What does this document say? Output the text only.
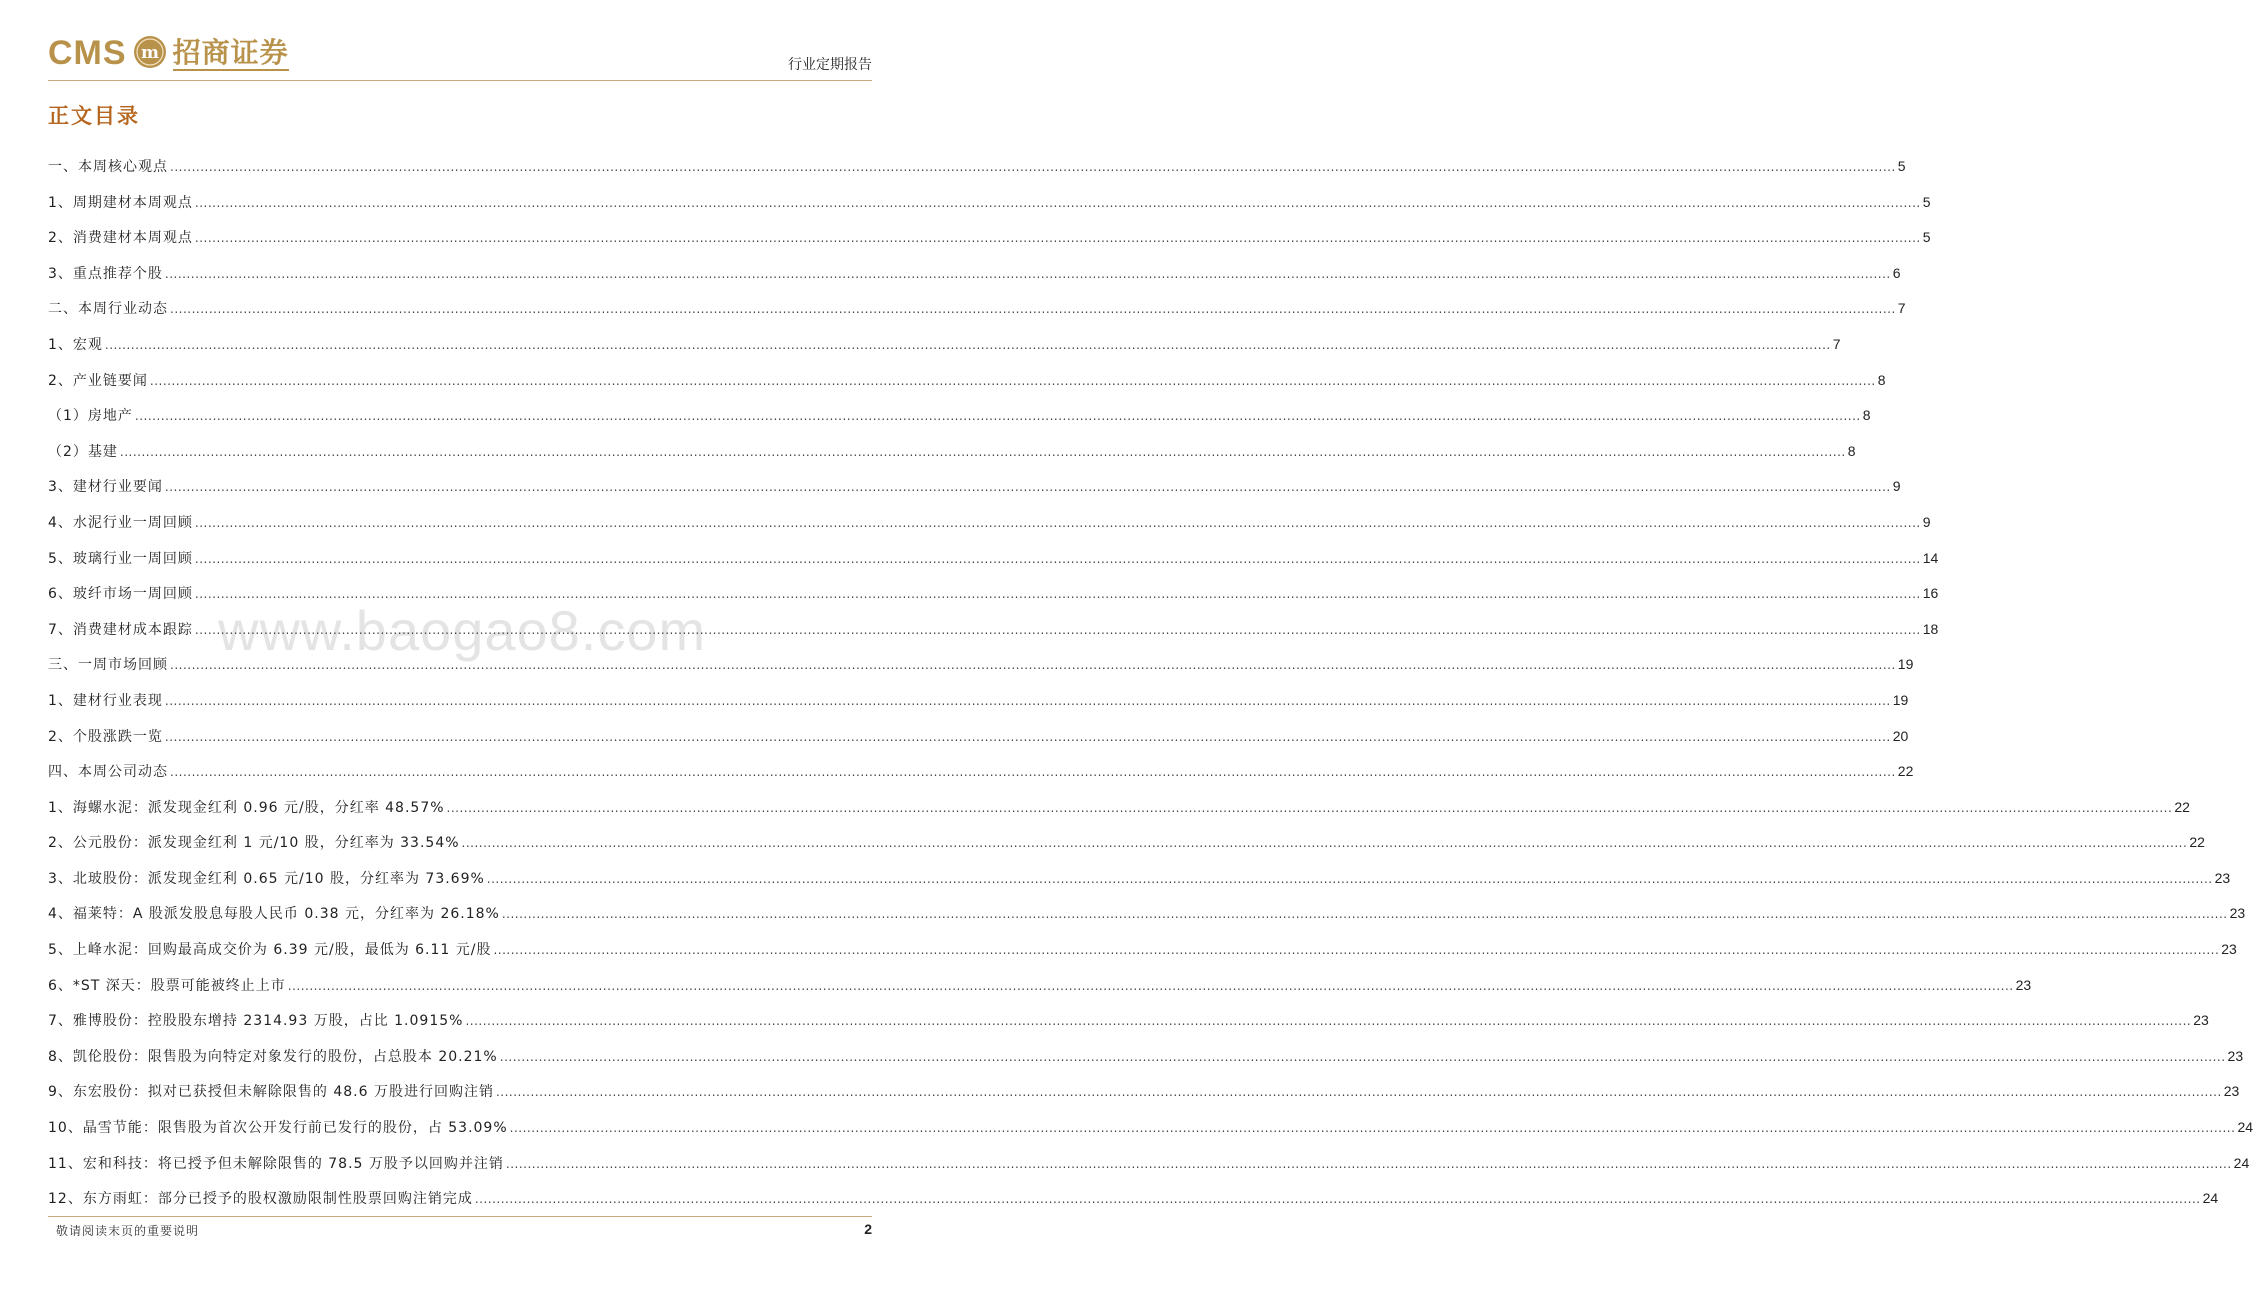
CMS m 招商证券	行业定期报告
正文目录
www.baogao8.com
一、本周核心观点 ................................................................................................................................................................................................................................................................................................................................................................................................................ 5
1、周期建材本周观点 ................................................................................................................................................................................................................................................................................................................................................................................................................ 5
2、消费建材本周观点 ................................................................................................................................................................................................................................................................................................................................................................................................................ 5
3、重点推荐个股 ................................................................................................................................................................................................................................................................................................................................................................................................................ 6
二、本周行业动态 ................................................................................................................................................................................................................................................................................................................................................................................................................ 7
1、宏观 ................................................................................................................................................................................................................................................................................................................................................................................................................ 7
2、产业链要闻 ................................................................................................................................................................................................................................................................................................................................................................................................................ 8
（1）房地产 ................................................................................................................................................................................................................................................................................................................................................................................................................ 8
（2）基建 ................................................................................................................................................................................................................................................................................................................................................................................................................ 8
3、建材行业要闻 ................................................................................................................................................................................................................................................................................................................................................................................................................ 9
4、水泥行业一周回顾 ................................................................................................................................................................................................................................................................................................................................................................................................................ 9
5、玻璃行业一周回顾 ................................................................................................................................................................................................................................................................................................................................................................................................................ 14
6、玻纤市场一周回顾 ................................................................................................................................................................................................................................................................................................................................................................................................................ 16
7、消费建材成本跟踪 ................................................................................................................................................................................................................................................................................................................................................................................................................ 18
三、一周市场回顾 ................................................................................................................................................................................................................................................................................................................................................................................................................ 19
1、建材行业表现 ................................................................................................................................................................................................................................................................................................................................................................................................................ 19
2、个股涨跌一览 ................................................................................................................................................................................................................................................................................................................................................................................................................ 20
四、本周公司动态 ................................................................................................................................................................................................................................................................................................................................................................................................................ 22
1、海螺水泥：派发现金红利 0.96 元/股，分红率 48.57% ................................................................................................................................................................................................................................................................................................................................................................................................................ 22
2、公元股份：派发现金红利 1 元/10 股，分红率为 33.54% ................................................................................................................................................................................................................................................................................................................................................................................................................ 22
3、北玻股份：派发现金红利 0.65 元/10 股，分红率为 73.69% ................................................................................................................................................................................................................................................................................................................................................................................................................ 23
4、福莱特：A 股派发股息每股人民币 0.38 元，分红率为 26.18% ................................................................................................................................................................................................................................................................................................................................................................................................................ 23
5、上峰水泥：回购最高成交价为 6.39 元/股，最低为 6.11 元/股 ................................................................................................................................................................................................................................................................................................................................................................................................................ 23
6、*ST 深天：股票可能被终止上市 ................................................................................................................................................................................................................................................................................................................................................................................................................ 23
7、雅博股份：控股股东增持 2314.93 万股，占比 1.0915% ................................................................................................................................................................................................................................................................................................................................................................................................................ 23
8、凯伦股份：限售股为向特定对象发行的股份，占总股本 20.21% ................................................................................................................................................................................................................................................................................................................................................................................................................ 23
9、东宏股份：拟对已获授但未解除限售的 48.6 万股进行回购注销 ................................................................................................................................................................................................................................................................................................................................................................................................................ 23
10、晶雪节能：限售股为首次公开发行前已发行的股份，占 53.09% ................................................................................................................................................................................................................................................................................................................................................................................................................ 24
11、宏和科技：将已授予但未解除限售的 78.5 万股予以回购并注销 ................................................................................................................................................................................................................................................................................................................................................................................................................ 24
12、东方雨虹：部分已授予的股权激励限制性股票回购注销完成 ................................................................................................................................................................................................................................................................................................................................................................................................................ 24
敬请阅读末页的重要说明	2
